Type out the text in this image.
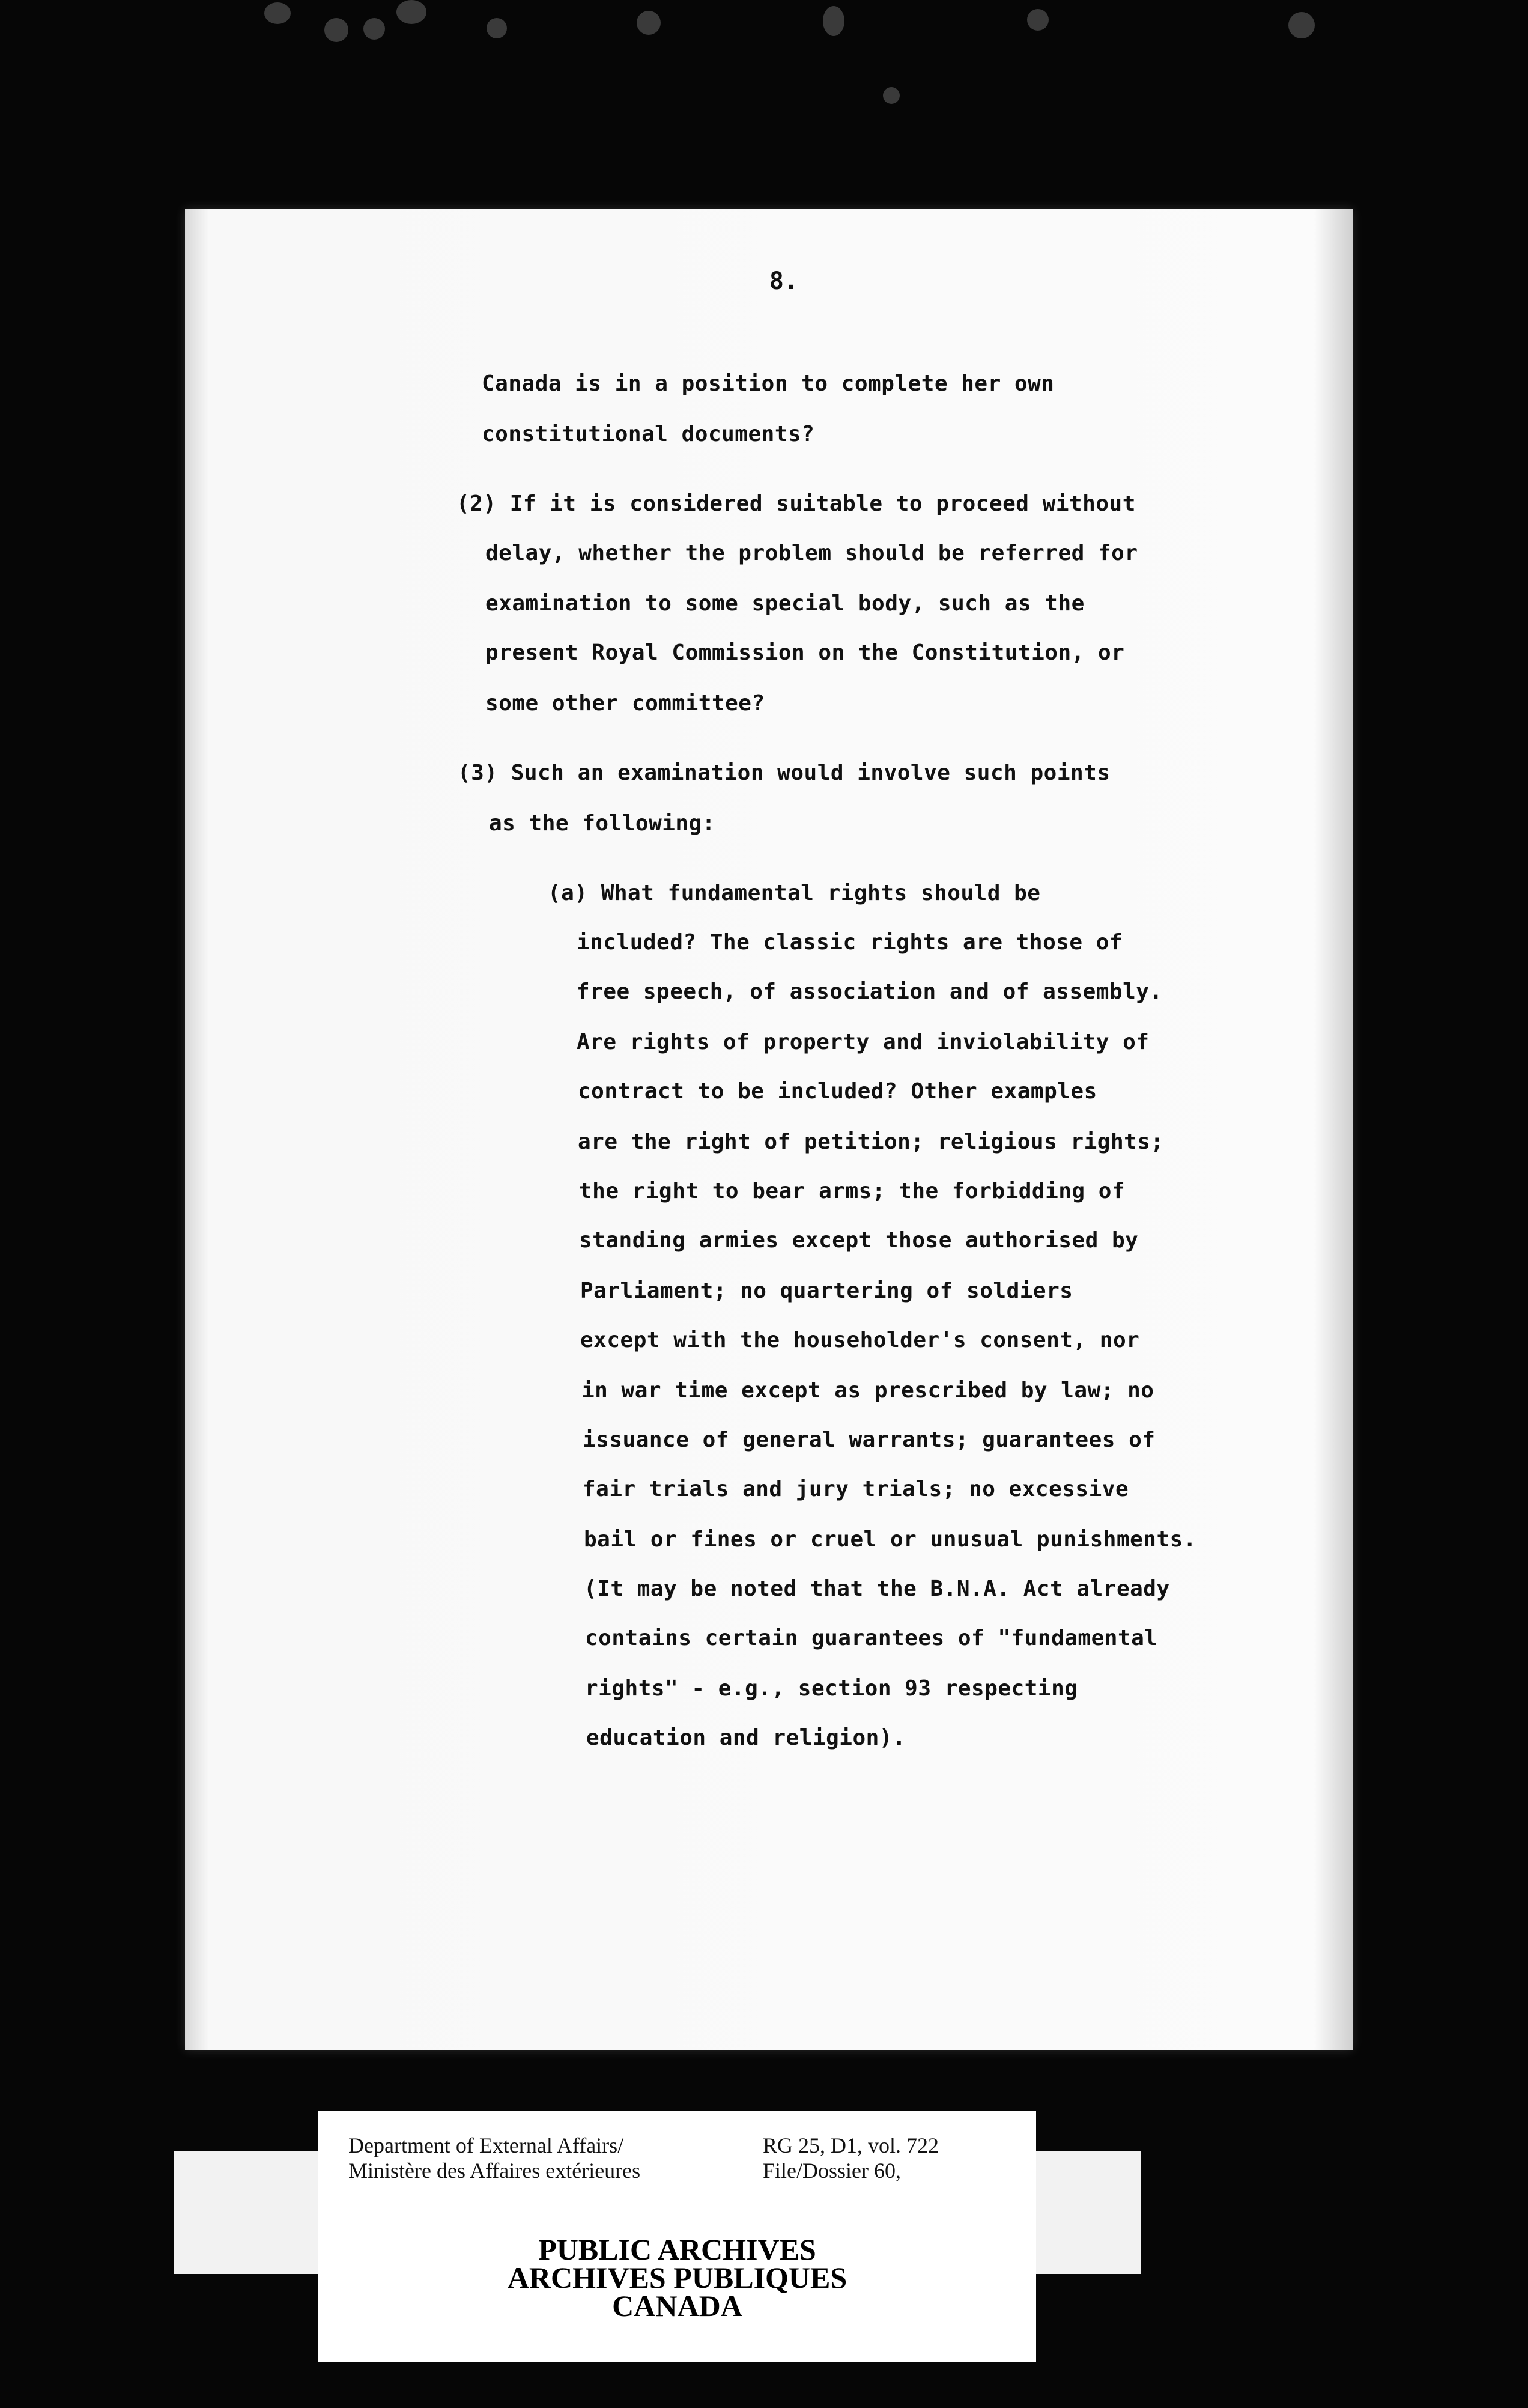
8.
Canada is in a position to complete her own
constitutional documents?
(2) If it is considered suitable to proceed without
delay, whether the problem should be referred for
examination to some special body, such as the
present Royal Commission on the Constitution, or
some other committee?
(3) Such an examination would involve such points
as the following:
(a) What fundamental rights should be
included? The classic rights are those of
free speech, of association and of assembly.
Are rights of property and inviolability of
contract to be included? Other examples
are the right of petition; religious rights;
the right to bear arms; the forbidding of
standing armies except those authorised by
Parliament; no quartering of soldiers
except with the householder's consent, nor
in war time except as prescribed by law; no
issuance of general warrants; guarantees of
fair trials and jury trials; no excessive
bail or fines or cruel or unusual punishments.
(It may be noted that the B.N.A. Act already
contains certain guarantees of "fundamental
rights" - e.g., section 93 respecting
education and religion).
Department of External Affairs/
Ministère des Affaires extérieures
RG 25, D1, vol. 722
File/Dossier 60,
PUBLIC ARCHIVES
ARCHIVES PUBLIQUES
CANADA
